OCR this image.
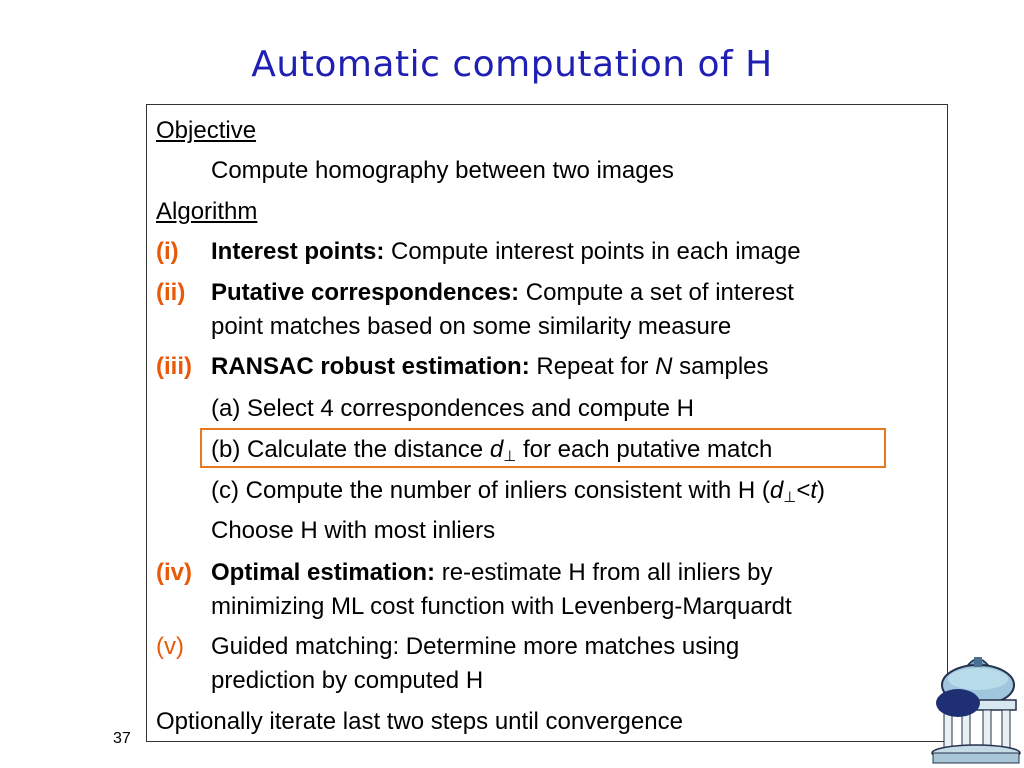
Automatic computation of H
Objective
Compute homography between two images
Algorithm
(i) Interest points: Compute interest points in each image
(ii) Putative correspondences: Compute a set of interest
point matches based on some similarity measure
(iii) RANSAC robust estimation: Repeat for N samples
(a) Select 4 correspondences and compute H
(b) Calculate the distance d⊥ for each putative match
(c) Compute the number of inliers consistent with H (d⊥<t)
Choose H with most inliers
(iv) Optimal estimation: re-estimate H from all inliers by
minimizing ML cost function with Levenberg-Marquardt
(v) Guided matching: Determine more matches using
prediction by computed H
Optionally iterate last two steps until convergence
37
